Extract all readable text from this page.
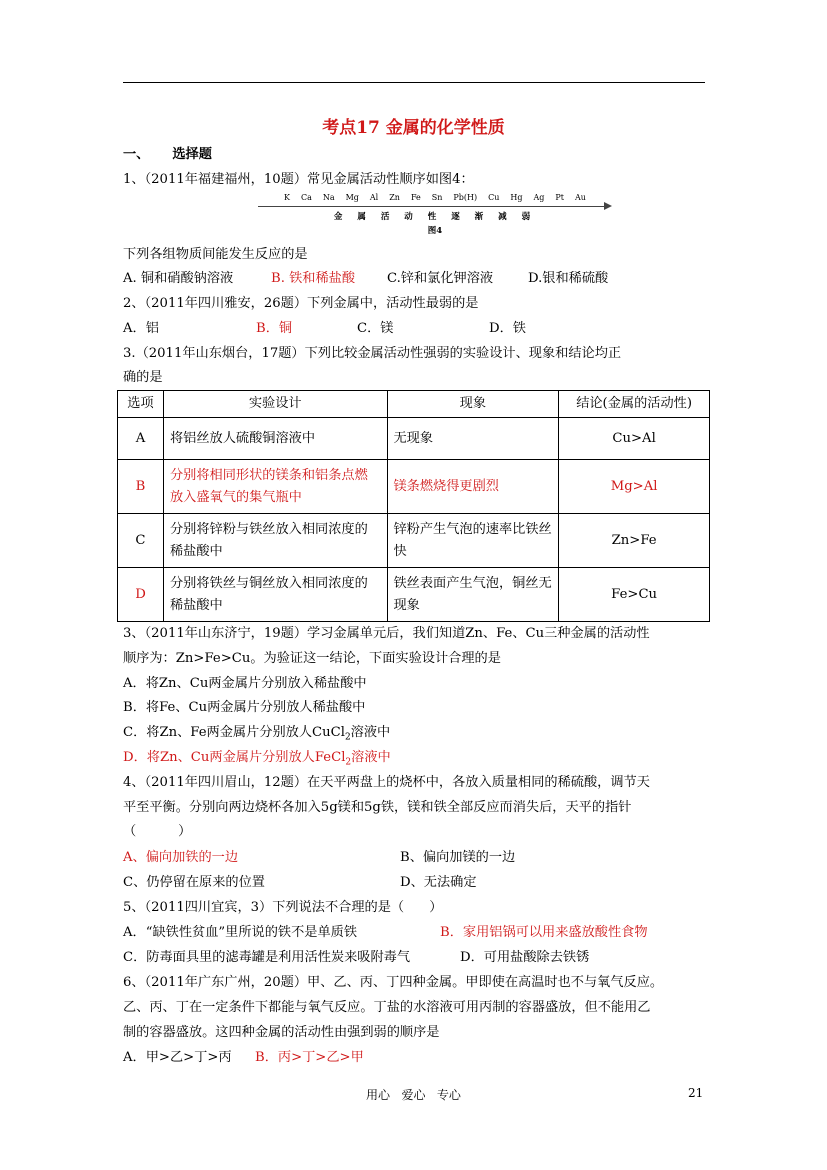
考点17 金属的化学性质
一、     选择题
1、（2011年福建福州，10题）常见金属活动性顺序如图4：
K Ca Na Mg Al Zn Fe Sn Pb(H) Cu Hg Ag Pt Au
金 属 活 动 性 逐 渐 减 弱
图4
下列各组物质间能发生反应的是
A. 铜和硝酸钠溶液	B. 铁和稀盐酸 C.锌和氯化钾溶液	D.银和稀硫酸
2、（2011年四川雅安，26题）下列金属中，活动性最弱的是
A．铝	B．铜	C．镁	D．铁
3.（2011年山东烟台，17题）下列比较金属活动性强弱的实验设计、现象和结论均正
确的是
选项	实验设计	现象	结论(金属的活动性)
A	将铝丝放人硫酸铜溶液中	无现象	Cu>Al
B	分别将相同形状的镁条和铝条点燃放入盛氧气的集气瓶中	镁条燃烧得更剧烈	Mg>Al
C	分别将锌粉与铁丝放入相同浓度的稀盐酸中	锌粉产生气泡的速率比铁丝快	Zn>Fe
D	分别将铁丝与铜丝放入相同浓度的稀盐酸中	铁丝表面产生气泡，铜丝无现象	Fe>Cu
3、（2011年山东济宁，19题）学习金属单元后，我们知道Zn、Fe、Cu三种金属的活动性
顺序为：Zn>Fe>Cu。为验证这一结论，下面实验设计合理的是
A．将Zn、Cu两金属片分别放入稀盐酸中
B．将Fe、Cu两金属片分别放人稀盐酸中
C．将Zn、Fe两金属片分别放人CuCl$_2$溶液中
D．将Zn、Cu两金属片分别放人FeCl$_2$溶液中
4、（2011年四川眉山，12题）在天平两盘上的烧杯中，各放入质量相同的稀硫酸，调节天
平至平衡。分别向两边烧杯各加入5g镁和5g铁，镁和铁全部反应而消失后，天平的指针
（          ）
A、偏向加铁的一边	B、偏向加镁的一边
C、仍停留在原来的位置	D、无法确定
5、（2011四川宜宾，3）下列说法不合理的是（      ）
A．“缺铁性贫血”里所说的铁不是单质铁	B．家用铝锅可以用来盛放酸性食物
C．防毒面具里的滤毒罐是利用活性炭来吸附毒气	D．可用盐酸除去铁锈
6、（2011年广东广州，20题）甲、乙、丙、丁四种金属。甲即使在高温时也不与氧气反应。
乙、丙、丁在一定条件下都能与氧气反应。丁盐的水溶液可用丙制的容器盛放，但不能用乙
制的容器盛放。这四种金属的活动性由强到弱的顺序是
A．甲>乙>丁>丙 B．丙>丁>乙>甲
用心   爱心   专心	21
